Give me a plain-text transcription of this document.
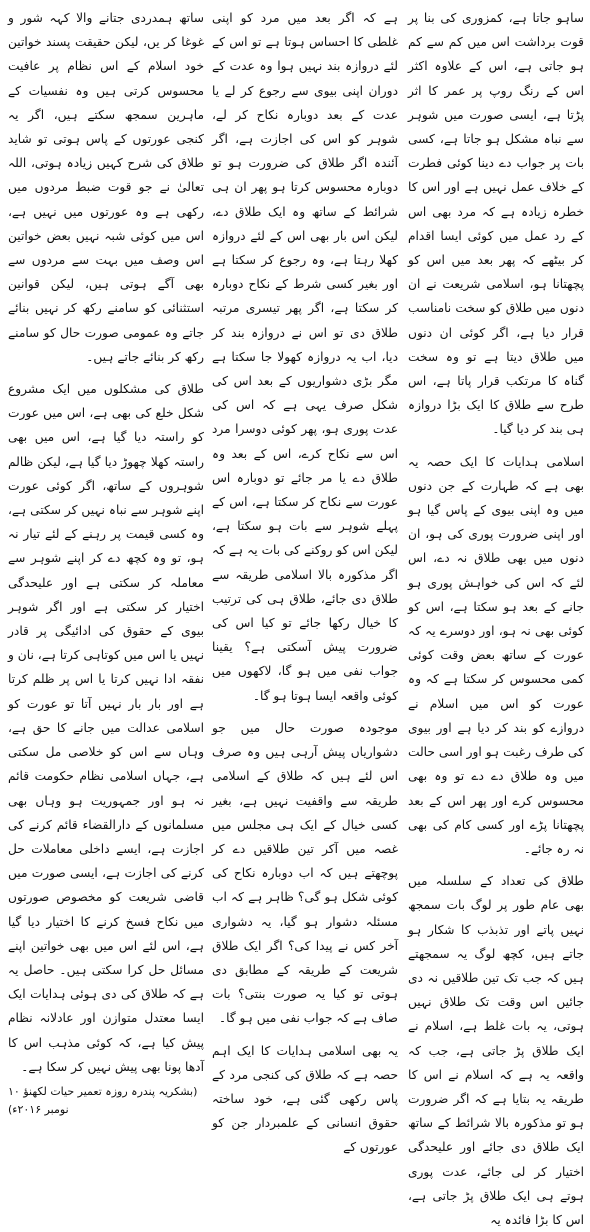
ساہو جاتا ہے، کمزوری کی بنا پر قوت برداشت اس میں کم سے کم ہو جاتی ہے، اس کے علاوہ اکثر اس کے رنگ روپ پر عمر کا اثر پڑتا ہے، ایسی صورت میں شوہر سے نباہ مشکل ہو جاتا ہے، کسی بات پر جواب دے دینا کوئی فطرت کے خلاف عمل نہیں ہے اور اس کا خطرہ زیادہ ہے کہ مرد بھی اس کے رد عمل میں کوئی ایسا اقدام کر بیٹھے کہ پھر بعد میں اس کو پچھتانا ہو، اسلامی شریعت نے ان دنوں میں طلاق کو سخت نامناسب قرار دیا ہے، اگر کوئی ان دنوں میں طلاق دیتا ہے تو وہ سخت گناہ کا مرتکب قرار پاتا ہے، اس طرح سے طلاق کا ایک بڑا دروازہ ہی بند کر دیا گیا۔

اسلامی ہدایات کا ایک حصہ یہ بھی ہے کہ طہارت کے جن دنوں میں وہ اپنی بیوی کے پاس گیا ہو اور اپنی ضرورت پوری کی ہو، ان دنوں میں بھی طلاق نہ دے، اس لئے کہ اس کی خواہش پوری ہو جانے کے بعد ہو سکتا ہے، اس کو کوئی بھی نہ ہو، اور دوسرے یہ کہ عورت کے ساتھ بعض وقت کوئی کمی محسوس کر سکتا ہے کہ وہ عورت کو اس میں اسلام نے دروازے کو بند کر دیا ہے اور بیوی کی طرف رغبت ہو اور اسی حالت میں وہ طلاق دے دے تو وہ بھی محسوس کرے اور پھر اس کے بعد پچھتانا پڑے اور کسی کام کی بھی نہ رہ جائے۔

طلاق کی تعداد کے سلسلہ میں بھی عام طور پر لوگ بات سمجھ نہیں پاتے اور تذبذب کا شکار ہو جاتے ہیں، کچھ لوگ یہ سمجھتے ہیں کہ جب تک تین طلاقیں نہ دی جائیں اس وقت تک طلاق نہیں ہوتی، یہ بات غلط ہے، اسلام نے ایک طلاق پڑ جاتی ہے، جب کہ واقعہ یہ ہے کہ اسلام نے اس کا طریقہ یہ بتایا ہے کہ اگر ضرورت ہو تو مذکورہ بالا شرائط کے ساتھ ایک طلاق دی جائے اور علیحدگی اختیار کر لی جائے، عدت پوری ہوتے ہی ایک طلاق پڑ جاتی ہے، اس کا بڑا فائدہ یہ

ہے کہ اگر بعد میں مرد کو اپنی غلطی کا احساس ہوتا ہے تو اس کے لئے دروازہ بند نہیں ہوا وہ عدت کے دوران اپنی بیوی سے رجوع کر لے یا عدت کے بعد دوبارہ نکاح کر لے، شوہر کو اس کی اجازت ہے، اگر آئندہ اگر طلاق کی ضرورت ہو تو دوبارہ محسوس کرتا ہو پھر ان ہی شرائط کے ساتھ وہ ایک طلاق دے، لیکن اس بار بھی اس کے لئے دروازہ کھلا رہتا ہے، وہ رجوع کر سکتا ہے اور بغیر کسی شرط کے نکاح دوبارہ کر سکتا ہے، اگر پھر تیسری مرتبہ طلاق دی تو اس نے دروازہ بند کر دیا، اب یہ دروازہ کھولا جا سکتا ہے مگر بڑی دشواریوں کے بعد اس کی شکل صرف یہی ہے کہ اس کی عدت پوری ہو، پھر کوئی دوسرا مرد اس سے نکاح کرے، اس کے بعد وہ طلاق دے یا مر جائے تو دوبارہ اس عورت سے نکاح کر سکتا ہے، اس کے پہلے شوہر سے بات ہو سکتا ہے، لیکن اس کو روکنے کی بات یہ ہے کہ اگر مذکورہ بالا اسلامی طریقہ سے طلاق دی جائے، طلاق ہی کی ترتیب کا خیال رکھا جائے تو کیا اس کی ضرورت پیش آسکتی ہے؟ یقینا جواب نفی میں ہو گا، لاکھوں میں کوئی واقعہ ایسا ہوتا ہو گا۔

موجودہ صورت حال میں جو دشواریاں پیش آرہی ہیں وہ صرف اس لئے ہیں کہ طلاق کے اسلامی طریقہ سے واقفیت نہیں ہے، بغیر کسی خیال کے ایک ہی مجلس میں غصہ میں آکر تین طلاقیں دے کر پوچھتے ہیں کہ اب دوبارہ نکاح کی کوئی شکل ہو گی؟ ظاہر ہے کہ اب مسئلہ دشوار ہو گیا، یہ دشواری آخر کس نے پیدا کی؟ اگر ایک طلاق شریعت کے طریقہ کے مطابق دی ہوتی تو کیا یہ صورت بنتی؟ بات صاف ہے کہ جواب نفی میں ہو گا۔

یہ بھی اسلامی ہدایات کا ایک اہم حصہ ہے کہ طلاق کی کنجی مرد کے پاس رکھی گئی ہے، خود ساختہ حقوق انسانی کے علمبردار جن کو عورتوں کے

ساتھ ہمدردی جتانے والا کہہ شور و غوغا کر یں، لیکن حقیقت پسند خواتین خود اسلام کے اس نظام پر عافیت محسوس کرتی ہیں وہ نفسیات کے ماہرین سمجھ سکتے ہیں، اگر یہ کنجی عورتوں کے پاس ہوتی تو شاید طلاق کی شرح کہیں زیادہ ہوتی، اللہ تعالیٰ نے جو قوت ضبط مردوں میں رکھی ہے وہ عورتوں میں نہیں ہے، اس میں کوئی شبہ نہیں بعض خواتین اس وصف میں بہت سے مردوں سے بھی آگے ہوتی ہیں، لیکن قوانین استثنائی کو سامنے رکھ کر نہیں بنائے جاتے وہ عمومی صورت حال کو سامنے رکھ کر بنائے جاتے ہیں۔

طلاق کی مشکلوں میں ایک مشروع شکل خلع کی بھی ہے، اس میں عورت کو راستہ دیا گیا ہے، اس میں بھی راستہ کھلا چھوڑ دیا گیا ہے، لیکن ظالم شوہروں کے ساتھ، اگر کوئی عورت اپنے شوہر سے نباہ نہیں کر سکتی ہے، وہ کسی قیمت پر رہنے کے لئے تیار نہ ہو، تو وہ کچھ دے کر اپنے شوہر سے معاملہ کر سکتی ہے اور علیحدگی اختیار کر سکتی ہے اور اگر شوہر بیوی کے حقوق کی ادائیگی پر قادر نہیں یا اس میں کوتاہی کرتا ہے، نان و نفقہ ادا نہیں کرتا یا اس پر ظلم کرتا ہے اور بار بار نہیں آتا تو عورت کو اسلامی عدالت میں جانے کا حق ہے، وہاں سے اس کو خلاصی مل سکتی ہے، جہاں اسلامی نظام حکومت قائم نہ ہو اور جمہوریت ہو وہاں بھی مسلمانوں کے دارالقضاء قائم کرنے کی اجازت ہے، ایسے داخلی معاملات حل کرنے کی اجازت ہے، ایسی صورت میں قاضی شریعت کو مخصوص صورتوں میں نکاح فسخ کرنے کا اختیار دیا گیا ہے، اس لئے اس میں بھی خواتین اپنے مسائل حل کرا سکتی ہیں۔ حاصل یہ ہے کہ طلاق کی دی ہوئی ہدایات ایک ایسا معتدل متوازن اور عادلانہ نظام پیش کیا ہے، کہ کوئی مذہب اس کا آدھا پونا بھی پیش نہیں کر سکا ہے۔

(بشکریہ پندرہ روزہ تعمیر حیات لکھنؤ ۱۰ نومبر ۲۰۱۶ء)
